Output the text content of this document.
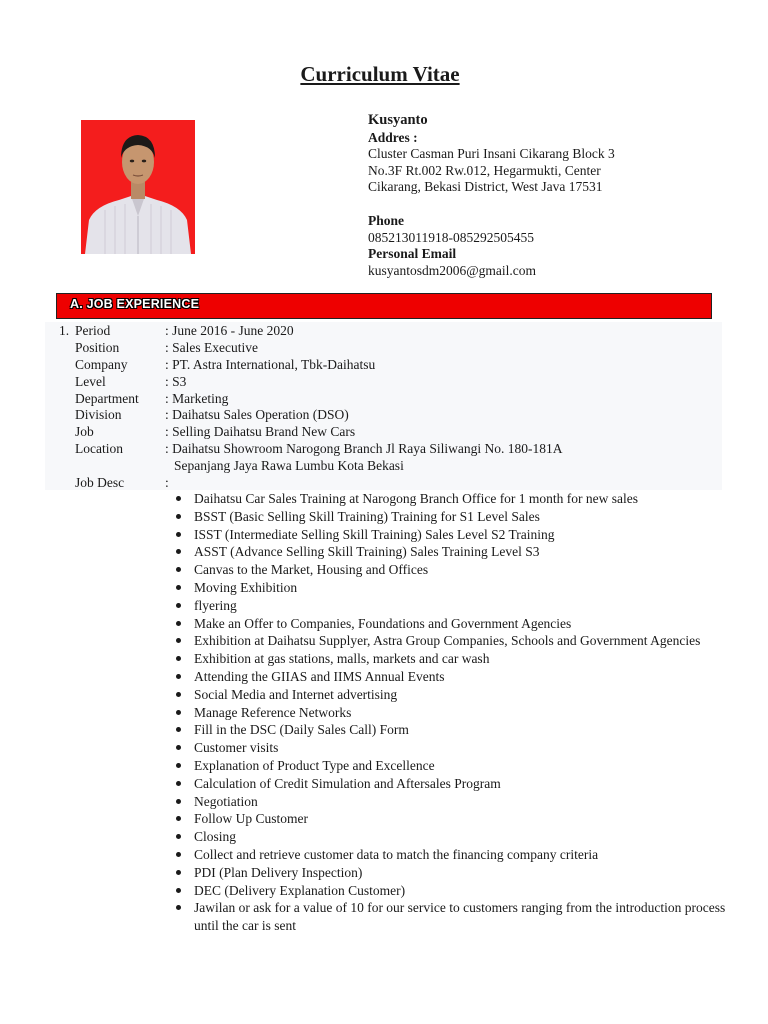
Curriculum Vitae
Kusyanto
Addres :
Cluster Casman Puri Insani Cikarang Block 3
No.3F Rt.002 Rw.012, Hegarmukti, Center
Cikarang, Bekasi District, West Java 17531
Phone
085213011918-085292505455
Personal Email
kusyantosdm2006@gmail.com
A. JOB EXPERIENCE
1. Period	: June 2016 - June 2020
Position	: Sales Executive
Company	: PT. Astra International, Tbk-Daihatsu
Level	: S3
Department : Marketing
Division	: Daihatsu Sales Operation (DSO)
Job	: Selling Daihatsu Brand New Cars
Location	: Daihatsu Showroom Narogong Branch Jl Raya Siliwangi No. 180-181A
Sepanjang Jaya Rawa Lumbu Kota Bekasi
Job Desc	:
Daihatsu Car Sales Training at Narogong Branch Office for 1 month for new sales
BSST (Basic Selling Skill Training) Training for S1 Level Sales
ISST (Intermediate Selling Skill Training) Sales Level S2 Training
ASST (Advance Selling Skill Training) Sales Training Level S3
Canvas to the Market, Housing and Offices
Moving Exhibition
flyering
Make an Offer to Companies, Foundations and Government Agencies
Exhibition at Daihatsu Supplyer, Astra Group Companies, Schools and Government Agencies
Exhibition at gas stations, malls, markets and car wash
Attending the GIIAS and IIMS Annual Events
Social Media and Internet advertising
Manage Reference Networks
Fill in the DSC (Daily Sales Call) Form
Customer visits
Explanation of Product Type and Excellence
Calculation of Credit Simulation and Aftersales Program
Negotiation
Follow Up Customer
Closing
Collect and retrieve customer data to match the financing company criteria
PDI (Plan Delivery Inspection)
DEC (Delivery Explanation Customer)
Jawilan or ask for a value of 10 for our service to customers ranging from the introduction process until the car is sent
